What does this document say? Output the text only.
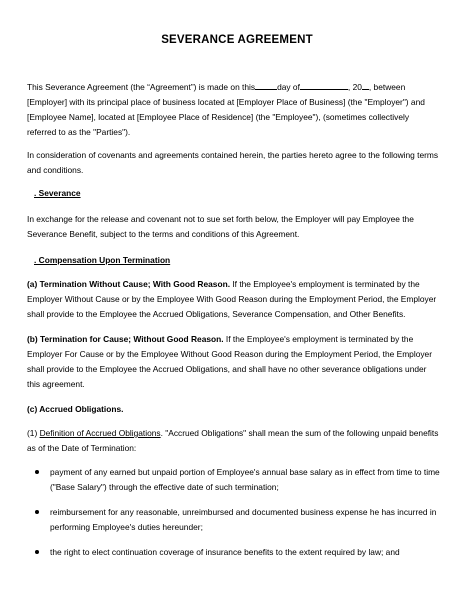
SEVERANCE AGREEMENT

This Severance Agreement (the “Agreement”) is made on this	day of	, 20 , between
[Employer] with its principal place of business located at [Employer Place of Business] (the "Employer") and
[Employee Name], located at [Employee Place of Residence] (the "Employee"), (sometimes collectively
referred to as the "Parties").

In consideration of covenants and agreements contained herein, the parties hereto agree to the following terms
and conditions.

. Severance

In exchange for the release and covenant not to sue set forth below, the Employer will pay Employee the
Severance Benefit, subject to the terms and conditions of this Agreement.

. Compensation Upon Termination

(a) Termination Without Cause; With Good Reason. If the Employee's employment is terminated by the
Employer Without Cause or by the Employee With Good Reason during the Employment Period, the Employer
shall provide to the Employee the Accrued Obligations, Severance Compensation, and Other Benefits.

(b) Termination for Cause; Without Good Reason. If the Employee's employment is terminated by the
Employer For Cause or by the Employee Without Good Reason during the Employment Period, the Employer
shall provide to the Employee the Accrued Obligations, and shall have no other severance obligations under
this agreement.

(c) Accrued Obligations.

(1) Definition of Accrued Obligations. "Accrued Obligations" shall mean the sum of the following unpaid benefits
as of the Date of Termination:

payment of any earned but unpaid portion of Employee's annual base salary as in effect from time to time
("Base Salary") through the effective date of such termination;
reimbursement for any reasonable, unreimbursed and documented business expense he has incurred in
performing Employee's duties hereunder;
the right to elect continuation coverage of insurance benefits to the extent required by law; and
